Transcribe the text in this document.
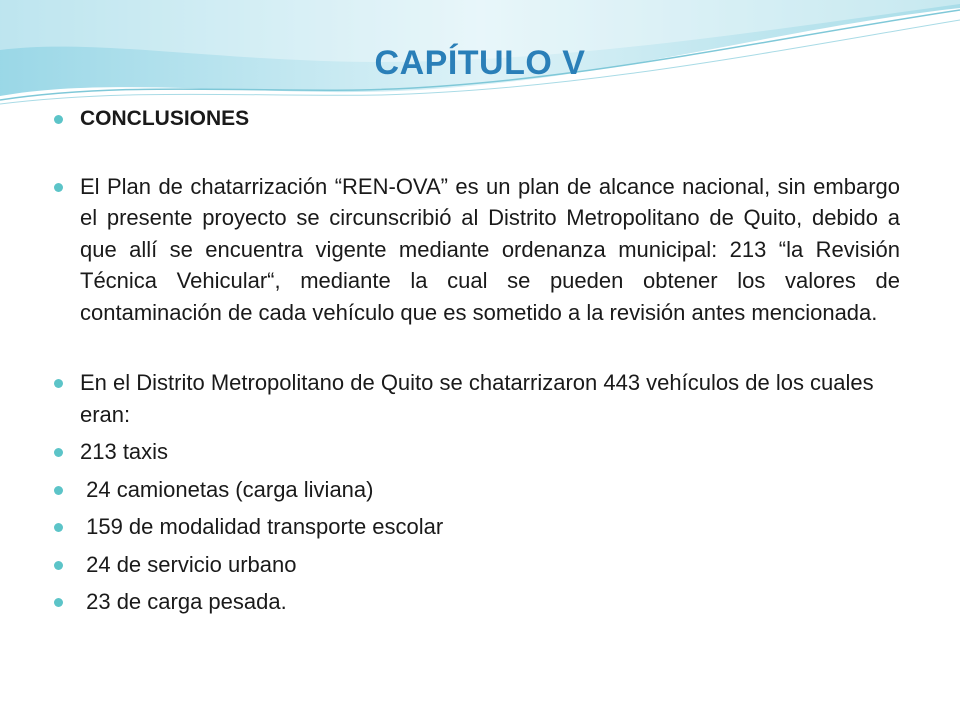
CAPÍTULO V
CONCLUSIONES
El Plan de chatarrización “REN-OVA” es un plan de alcance nacional, sin embargo el presente proyecto se circunscribió al Distrito Metropolitano de Quito, debido a que allí se encuentra vigente mediante ordenanza municipal: 213 “la Revisión Técnica Vehicular“, mediante la cual se pueden obtener los valores de contaminación de cada vehículo que es sometido a la revisión antes mencionada.
En el Distrito Metropolitano de Quito se chatarrizaron 443 vehículos de los cuales eran:
213 taxis
24 camionetas (carga liviana)
159 de modalidad transporte escolar
24 de servicio urbano
23 de carga pesada.
